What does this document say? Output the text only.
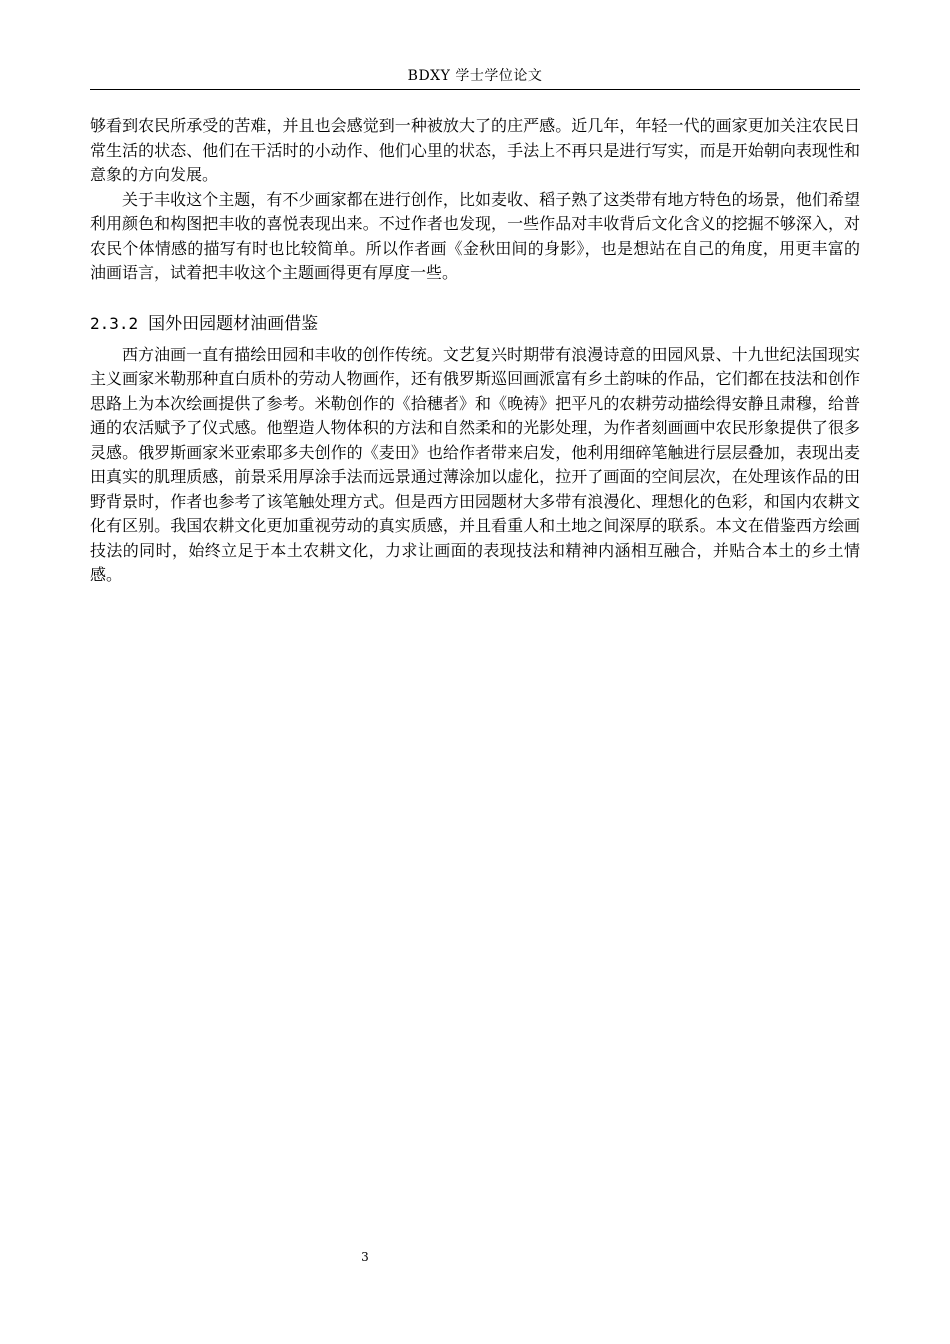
BDXY 学士学位论文

够看到农民所承受的苦难，并且也会感觉到一种被放大了的庄严感。近几年，年轻一代的画家更加关注农民日常生活的状态、他们在干活时的小动作、他们心里的状态，手法上不再只是进行写实，而是开始朝向表现性和意象的方向发展。

关于丰收这个主题，有不少画家都在进行创作，比如麦收、稻子熟了这类带有地方特色的场景，他们希望利用颜色和构图把丰收的喜悦表现出来。不过作者也发现，一些作品对丰收背后文化含义的挖掘不够深入，对农民个体情感的描写有时也比较简单。所以作者画《金秋田间的身影》，也是想站在自己的角度，用更丰富的油画语言，试着把丰收这个主题画得更有厚度一些。

2.3.2 国外田园题材油画借鉴

西方油画一直有描绘田园和丰收的创作传统。文艺复兴时期带有浪漫诗意的田园风景、十九世纪法国现实主义画家米勒那种直白质朴的劳动人物画作，还有俄罗斯巡回画派富有乡土韵味的作品，它们都在技法和创作思路上为本次绘画提供了参考。米勒创作的《拾穗者》和《晚祷》把平凡的农耕劳动描绘得安静且肃穆，给普通的农活赋予了仪式感。他塑造人物体积的方法和自然柔和的光影处理，为作者刻画画中农民形象提供了很多灵感。俄罗斯画家米亚索耶多夫创作的《麦田》也给作者带来启发，他利用细碎笔触进行层层叠加，表现出麦田真实的肌理质感，前景采用厚涂手法而远景通过薄涂加以虚化，拉开了画面的空间层次，在处理该作品的田野背景时，作者也参考了该笔触处理方式。但是西方田园题材大多带有浪漫化、理想化的色彩，和国内农耕文化有区别。我国农耕文化更加重视劳动的真实质感，并且看重人和土地之间深厚的联系。本文在借鉴西方绘画技法的同时，始终立足于本土农耕文化，力求让画面的表现技法和精神内涵相互融合，并贴合本土的乡土情感。

3
